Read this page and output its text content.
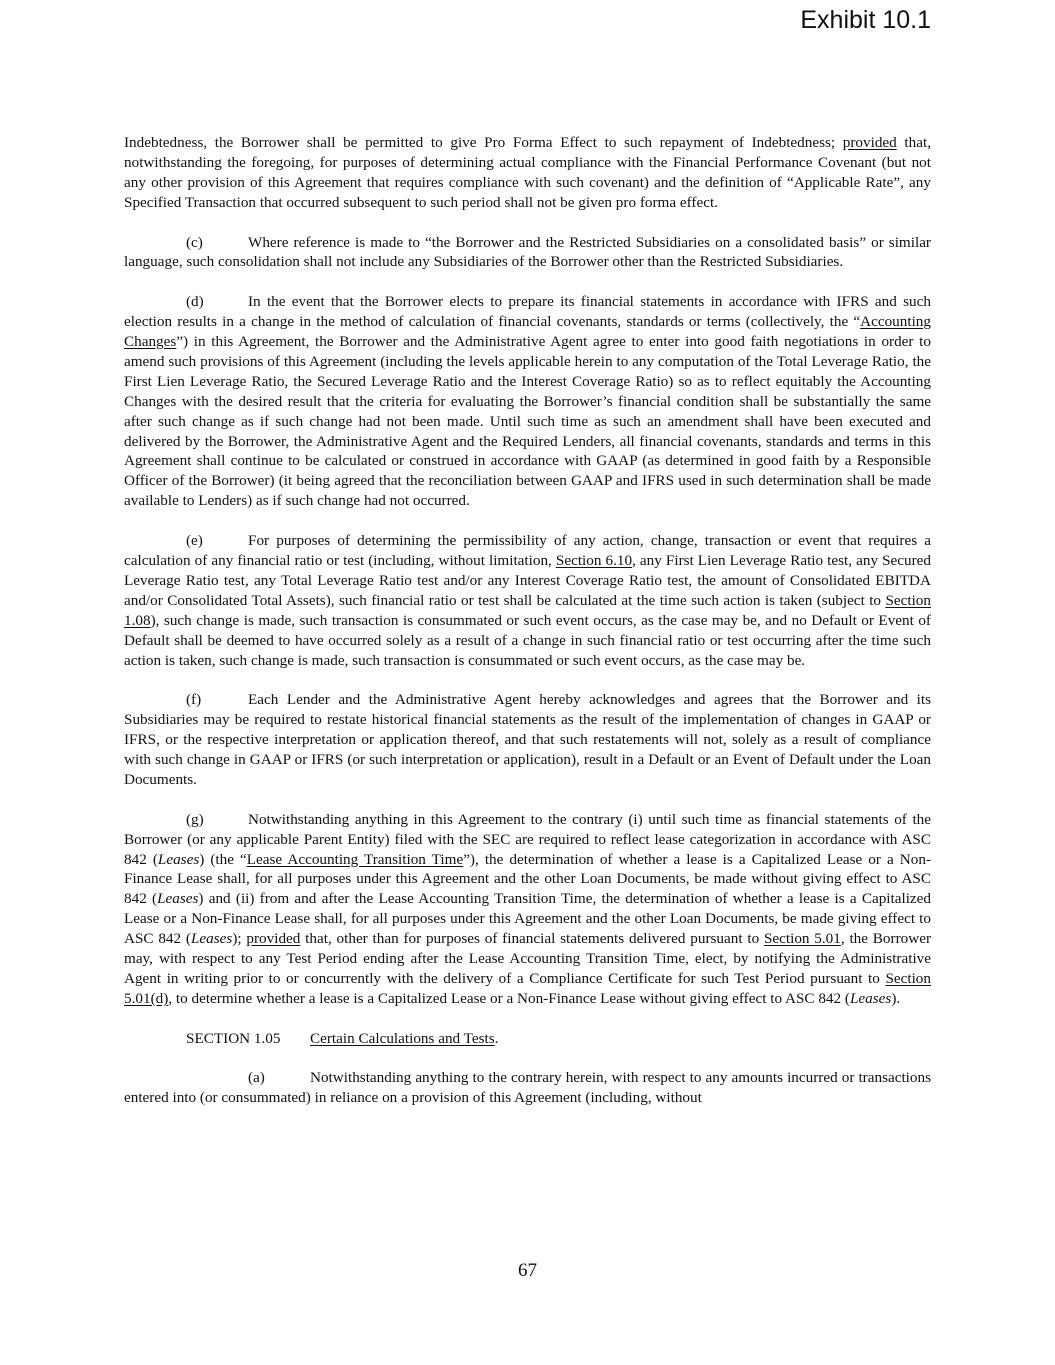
Exhibit 10.1

Indebtedness, the Borrower shall be permitted to give Pro Forma Effect to such repayment of Indebtedness; provided that, notwithstanding the foregoing, for purposes of determining actual compliance with the Financial Performance Covenant (but not any other provision of this Agreement that requires compliance with such covenant) and the definition of “Applicable Rate”, any Specified Transaction that occurred subsequent to such period shall not be given pro forma effect.

(c)	Where reference is made to “the Borrower and the Restricted Subsidiaries on a consolidated basis” or similar language, such consolidation shall not include any Subsidiaries of the Borrower other than the Restricted Subsidiaries.

(d)	In the event that the Borrower elects to prepare its financial statements in accordance with IFRS and such election results in a change in the method of calculation of financial covenants, standards or terms (collectively, the “Accounting Changes”) in this Agreement, the Borrower and the Administrative Agent agree to enter into good faith negotiations in order to amend such provisions of this Agreement (including the levels applicable herein to any computation of the Total Leverage Ratio, the First Lien Leverage Ratio, the Secured Leverage Ratio and the Interest Coverage Ratio) so as to reflect equitably the Accounting Changes with the desired result that the criteria for evaluating the Borrower’s financial condition shall be substantially the same after such change as if such change had not been made. Until such time as such an amendment shall have been executed and delivered by the Borrower, the Administrative Agent and the Required Lenders, all financial covenants, standards and terms in this Agreement shall continue to be calculated or construed in accordance with GAAP (as determined in good faith by a Responsible Officer of the Borrower) (it being agreed that the reconciliation between GAAP and IFRS used in such determination shall be made available to Lenders) as if such change had not occurred.

(e)	For purposes of determining the permissibility of any action, change, transaction or event that requires a calculation of any financial ratio or test (including, without limitation, Section 6.10, any First Lien Leverage Ratio test, any Secured Leverage Ratio test, any Total Leverage Ratio test and/or any Interest Coverage Ratio test, the amount of Consolidated EBITDA and/or Consolidated Total Assets), such financial ratio or test shall be calculated at the time such action is taken (subject to Section 1.08), such change is made, such transaction is consummated or such event occurs, as the case may be, and no Default or Event of Default shall be deemed to have occurred solely as a result of a change in such financial ratio or test occurring after the time such action is taken, such change is made, such transaction is consummated or such event occurs, as the case may be.

(f)	Each Lender and the Administrative Agent hereby acknowledges and agrees that the Borrower and its Subsidiaries may be required to restate historical financial statements as the result of the implementation of changes in GAAP or IFRS, or the respective interpretation or application thereof, and that such restatements will not, solely as a result of compliance with such change in GAAP or IFRS (or such interpretation or application), result in a Default or an Event of Default under the Loan Documents.

(g)	Notwithstanding anything in this Agreement to the contrary (i) until such time as financial statements of the Borrower (or any applicable Parent Entity) filed with the SEC are required to reflect lease categorization in accordance with ASC 842 (Leases) (the “Lease Accounting Transition Time”), the determination of whether a lease is a Capitalized Lease or a Non-Finance Lease shall, for all purposes under this Agreement and the other Loan Documents, be made without giving effect to ASC 842 (Leases) and (ii) from and after the Lease Accounting Transition Time, the determination of whether a lease is a Capitalized Lease or a Non-Finance Lease shall, for all purposes under this Agreement and the other Loan Documents, be made giving effect to ASC 842 (Leases); provided that, other than for purposes of financial statements delivered pursuant to Section 5.01, the Borrower may, with respect to any Test Period ending after the Lease Accounting Transition Time, elect, by notifying the Administrative Agent in writing prior to or concurrently with the delivery of a Compliance Certificate for such Test Period pursuant to Section 5.01(d), to determine whether a lease is a Capitalized Lease or a Non-Finance Lease without giving effect to ASC 842 (Leases).

SECTION 1.05 Certain Calculations and Tests.

(a)	Notwithstanding anything to the contrary herein, with respect to any amounts incurred or transactions entered into (or consummated) in reliance on a provision of this Agreement (including, without

67
